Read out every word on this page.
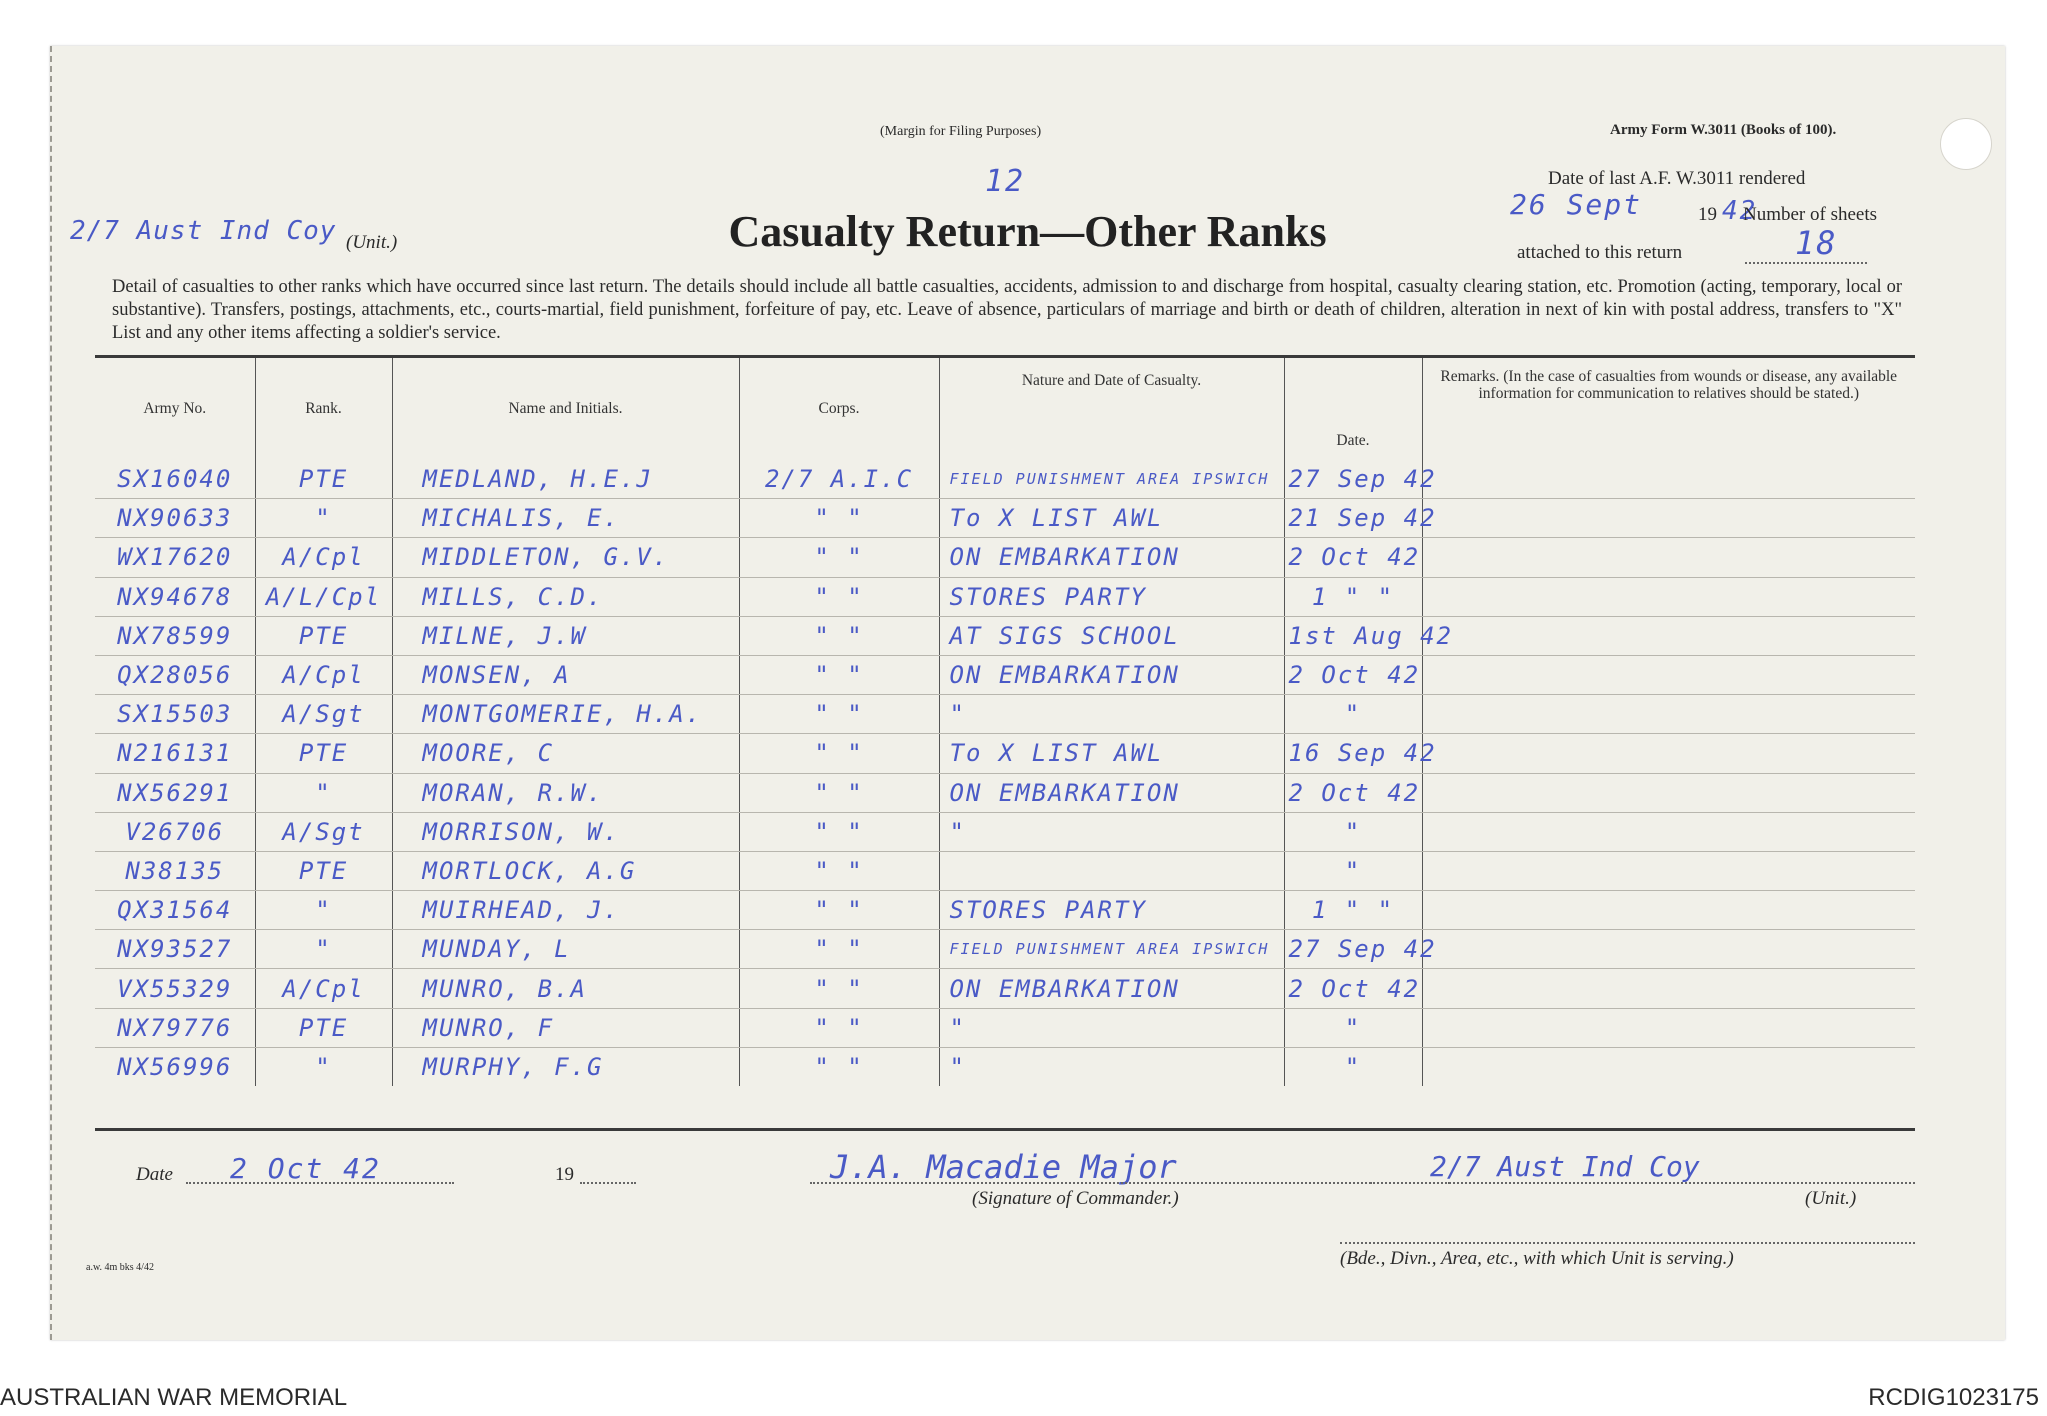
(Margin for Filing Purposes)	Army Form W.3011 (Books of 100).
12
2/7 Aust Ind Coy (Unit.)	Casualty Return—Other Ranks
Date of last A.F. W.3011 rendered
26 Sept	19 42
Number of sheets
attached to this return	18
Detail of casualties to other ranks which have occurred since last return. The details should include all battle casualties, accidents, admission to and discharge from hospital, casualty clearing station, etc. Promotion (acting, temporary, local or substantive). Transfers, postings, attachments, etc., courts-martial, field punishment, forfeiture of pay, etc. Leave of absence, particulars of marriage and birth or death of children, alteration in next of kin with postal address, transfers to "X" List and any other items affecting a soldier's service.
Army No.	Rank.	Name and Initials.	Corps.	Nature and Date of Casualty.	Date.	Remarks. (In the case of casualties from wounds or disease, any available information for communication to relatives should be stated.)
SX16040	PTE	MEDLAND, H.E.J	2/7 A.I.C	FIELD PUNISHMENT AREA IPSWICH	27 Sep 42	
NX90633	"	MICHALIS, E.	" "	To X LIST AWL	21 Sep 42	
WX17620	A/Cpl	MIDDLETON, G.V.	" "	ON EMBARKATION	2 Oct 42	
NX94678	A/L/Cpl	MILLS, C.D.	" "	STORES PARTY	1 " "	
NX78599	PTE	MILNE, J.W	" "	AT SIGS SCHOOL	1st Aug 42	
QX28056	A/Cpl	MONSEN, A	" "	ON EMBARKATION	2 Oct 42	
SX15503	A/Sgt	MONTGOMERIE, H.A.	" "	"	"	
N216131	PTE	MOORE, C	" "	To X LIST AWL	16 Sep 42	
NX56291	"	MORAN, R.W.	" "	ON EMBARKATION	2 Oct 42	
V26706	A/Sgt	MORRISON, W.	" "	"	"	
N38135	PTE	MORTLOCK, A.G	" "		"	
QX31564	"	MUIRHEAD, J.	" "	STORES PARTY	1 " "	
NX93527	"	MUNDAY, L	" "	FIELD PUNISHMENT AREA IPSWICH	27 Sep 42	
VX55329	A/Cpl	MUNRO, B.A	" "	ON EMBARKATION	2 Oct 42	
NX79776	PTE	MUNRO, F	" "	"	"	
NX56996	"	MURPHY, F.G	" "	"	"	
Date 2 Oct 42	19	J.A. Macadie Major
(Signature of Commander.)
2/7 Aust Ind Coy
(Unit.)
(Bde., Divn., Area, etc., with which Unit is serving.)
a.w. 4m bks 4/42
AUSTRALIAN WAR MEMORIAL	RCDIG1023175
